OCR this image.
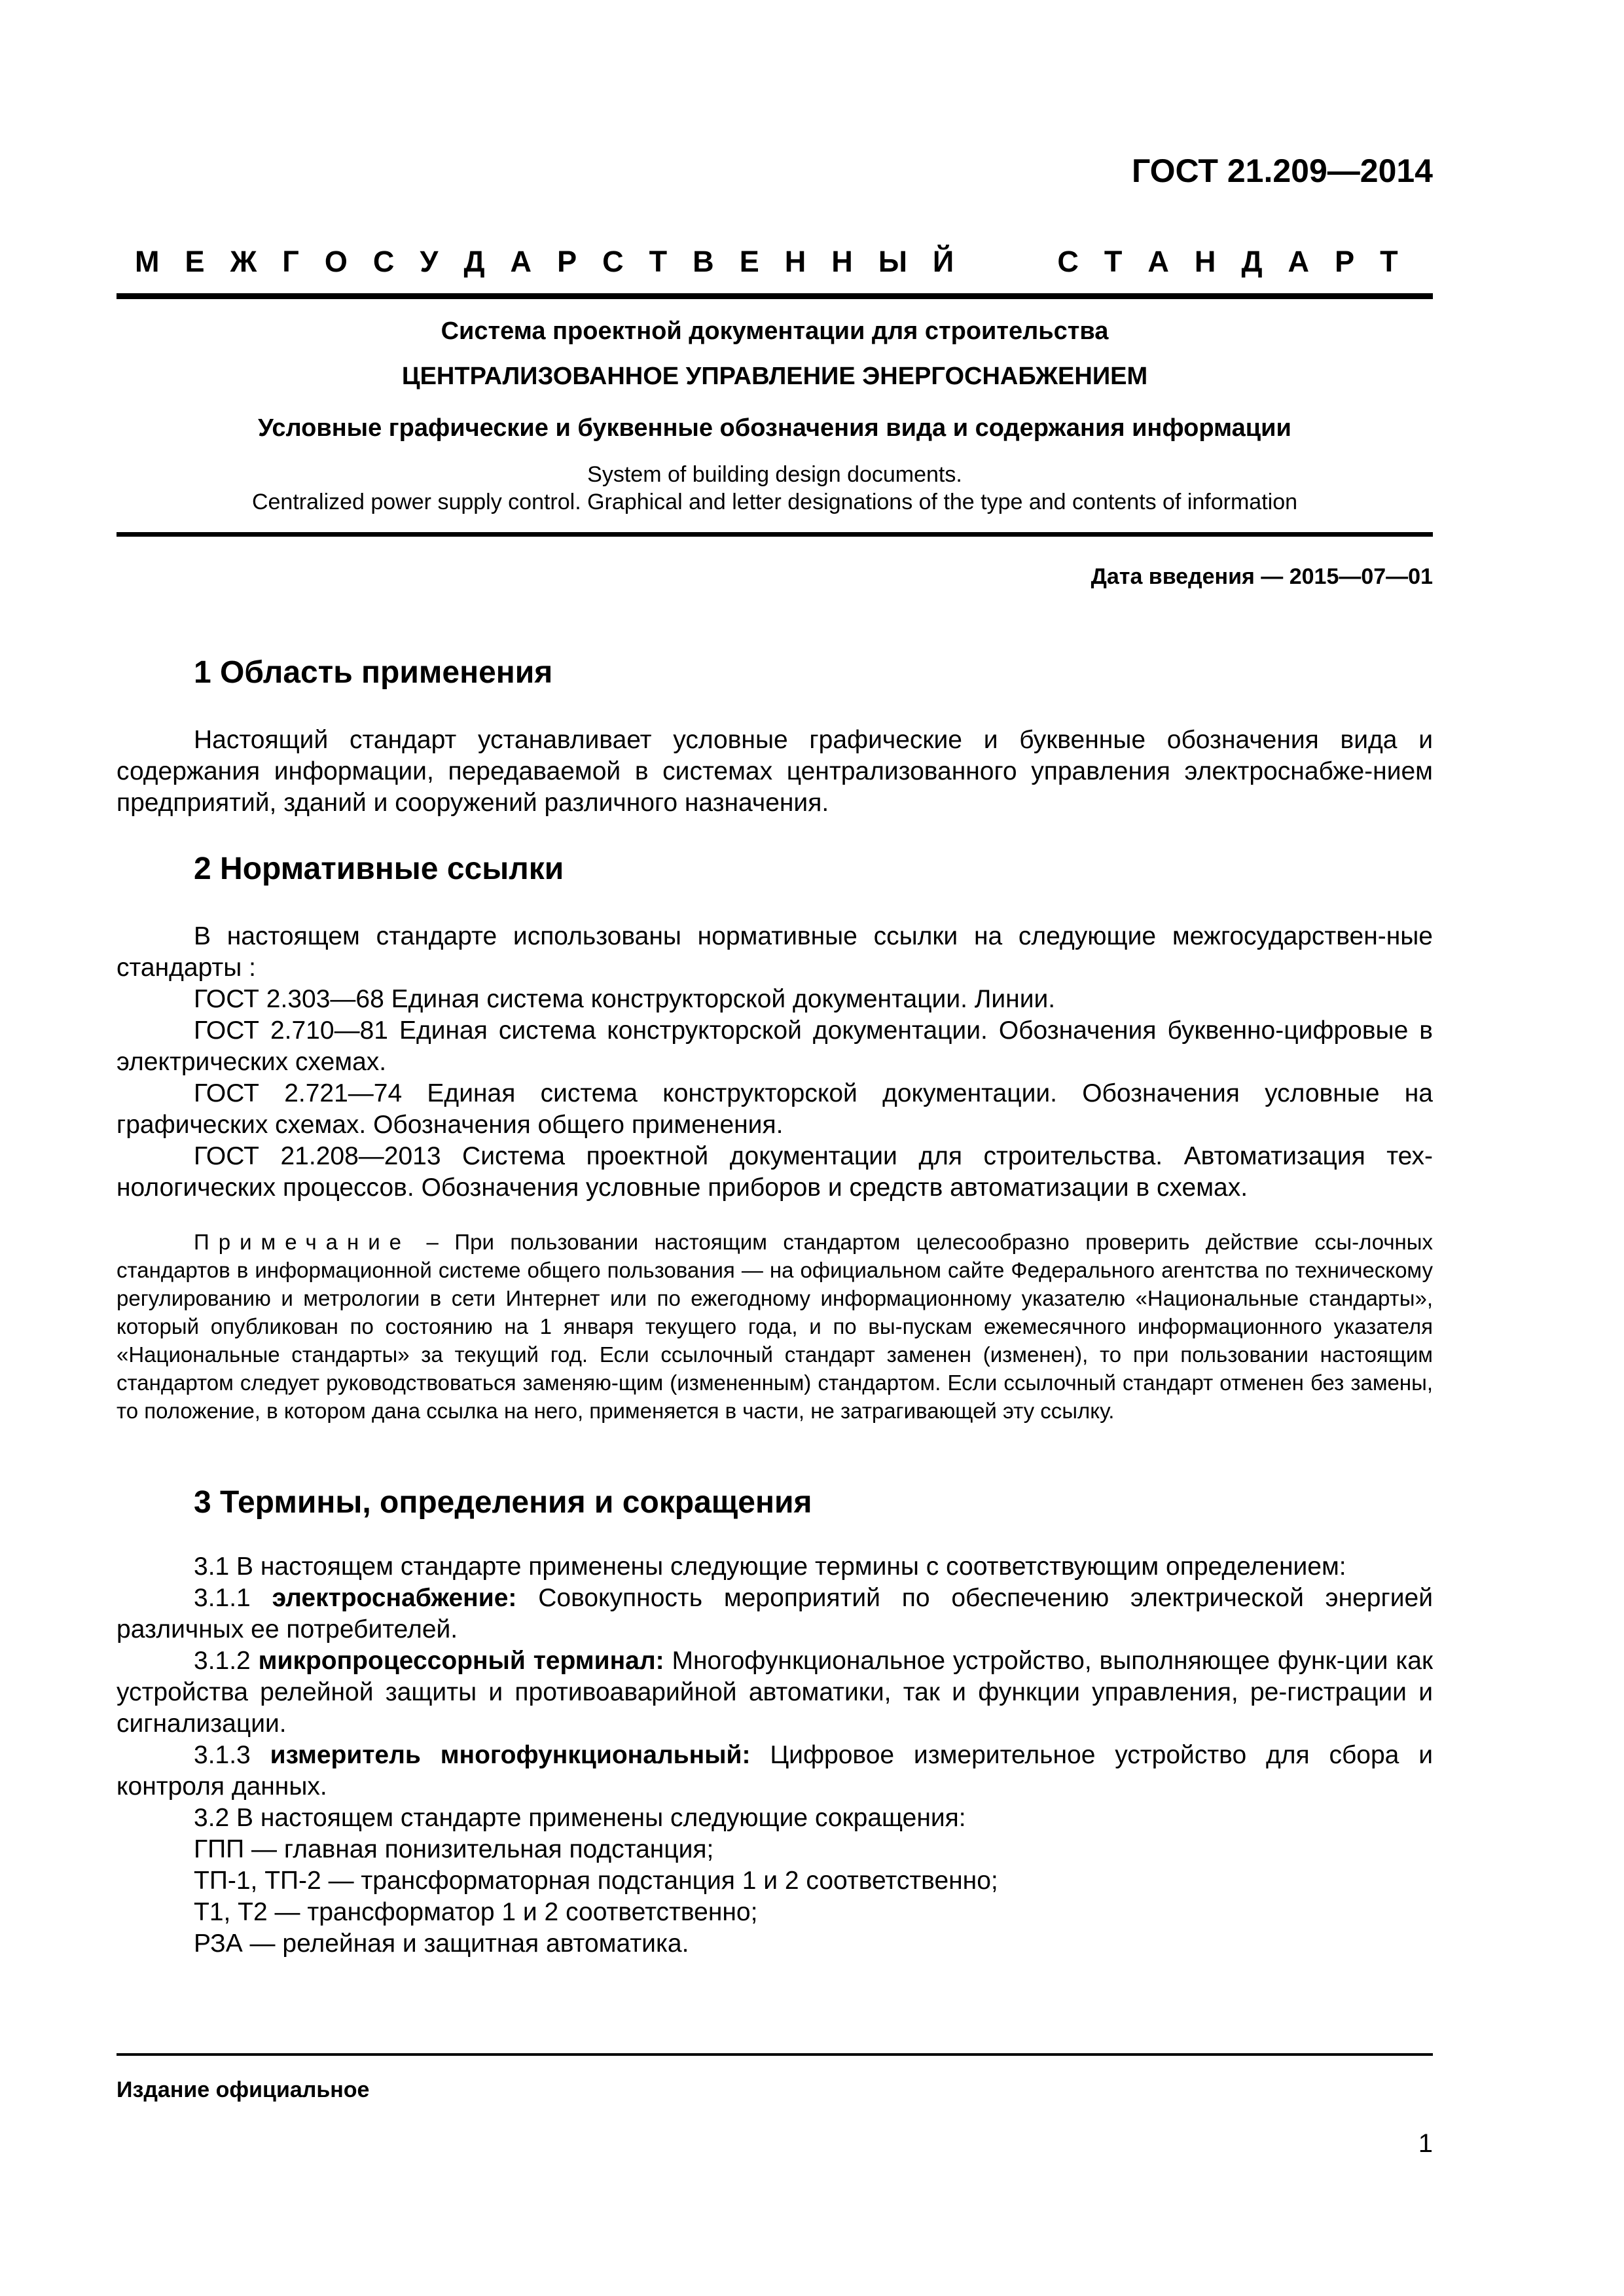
ГОСТ 21.209—2014
М Е Ж Г О С У Д А Р С Т В Е Н Н Ы Й	С Т А Н Д А Р Т
Система проектной документации для строительства
ЦЕНТРАЛИЗОВАННОЕ УПРАВЛЕНИЕ ЭНЕРГОСНАБЖЕНИЕМ
Условные графические и буквенные обозначения вида и содержания информации
System of building design documents.
Centralized power supply control. Graphical and letter designations of the type and contents of information
Дата введения — 2015—07—01
1 Область применения
Настоящий стандарт устанавливает условные графические и буквенные обозначения вида и содержания информации, передаваемой в системах централизованного управления электроснабже-нием предприятий, зданий и сооружений различного назначения.
2 Нормативные ссылки
В настоящем стандарте использованы нормативные ссылки на следующие межгосударствен-ные стандарты :
ГОСТ 2.303—68 Единая система конструкторской документации. Линии.
ГОСТ 2.710—81 Единая система конструкторской документации. Обозначения буквенно-цифровые в электрических схемах.
ГОСТ 2.721—74 Единая система конструкторской документации. Обозначения условные на графических схемах. Обозначения общего применения.
ГОСТ 21.208—2013 Система проектной документации для строительства. Автоматизация тех-нологических процессов. Обозначения условные приборов и средств автоматизации в схемах.
Примечание – При пользовании настоящим стандартом целесообразно проверить действие ссы-лочных стандартов в информационной системе общего пользования — на официальном сайте Федерального агентства по техническому регулированию и метрологии в сети Интернет или по ежегодному информационному указателю «Национальные стандарты», который опубликован по состоянию на 1 января текущего года, и по вы-пускам ежемесячного информационного указателя «Национальные стандарты» за текущий год. Если ссылочный стандарт заменен (изменен), то при пользовании настоящим стандартом следует руководствоваться заменяю-щим (измененным) стандартом. Если ссылочный стандарт отменен без замены, то положение, в котором дана ссылка на него, применяется в части, не затрагивающей эту ссылку.
3 Термины, определения и сокращения
3.1 В настоящем стандарте применены следующие термины с соответствующим определением:
3.1.1 электроснабжение: Совокупность мероприятий по обеспечению электрической энергией различных ее потребителей.
3.1.2 микропроцессорный терминал: Многофункциональное устройство, выполняющее функ-ции как устройства релейной защиты и противоаварийной автоматики, так и функции управления, ре-гистрации и сигнализации.
3.1.3 измеритель многофункциональный: Цифровое измерительное устройство для сбора и контроля данных.
3.2 В настоящем стандарте применены следующие сокращения:
ГПП — главная понизительная подстанция;
ТП-1, ТП-2 — трансформаторная подстанция 1 и 2 соответственно;
Т1, Т2 — трансформатор 1 и 2 соответственно;
РЗА — релейная и защитная автоматика.
Издание официальное
1
